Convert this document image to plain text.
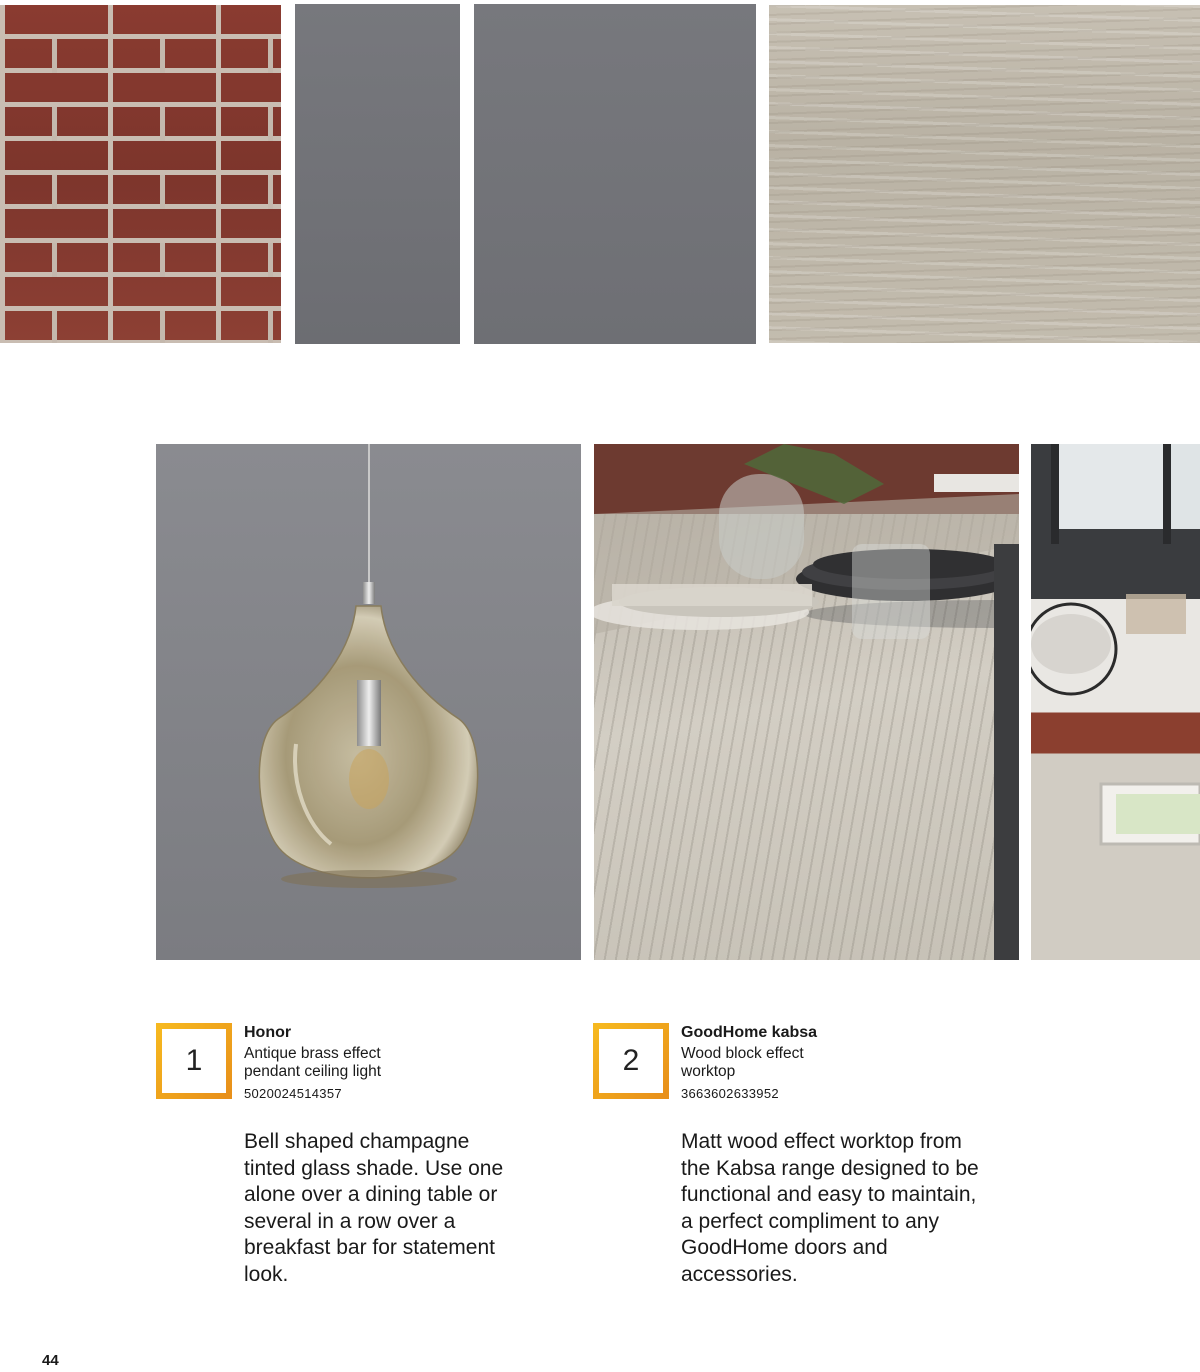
1
Honor
Antique brass effect pendant ceiling light
5020024514357
Bell shaped champagne tinted glass shade. Use one alone over a dining table or several in a row over a breakfast bar for statement look.
2
GoodHome kabsa
Wood block effect worktop
3663602633952
Matt wood effect worktop from the Kabsa range designed to be functional and easy to maintain, a perfect compliment to any GoodHome doors and accessories.
44
